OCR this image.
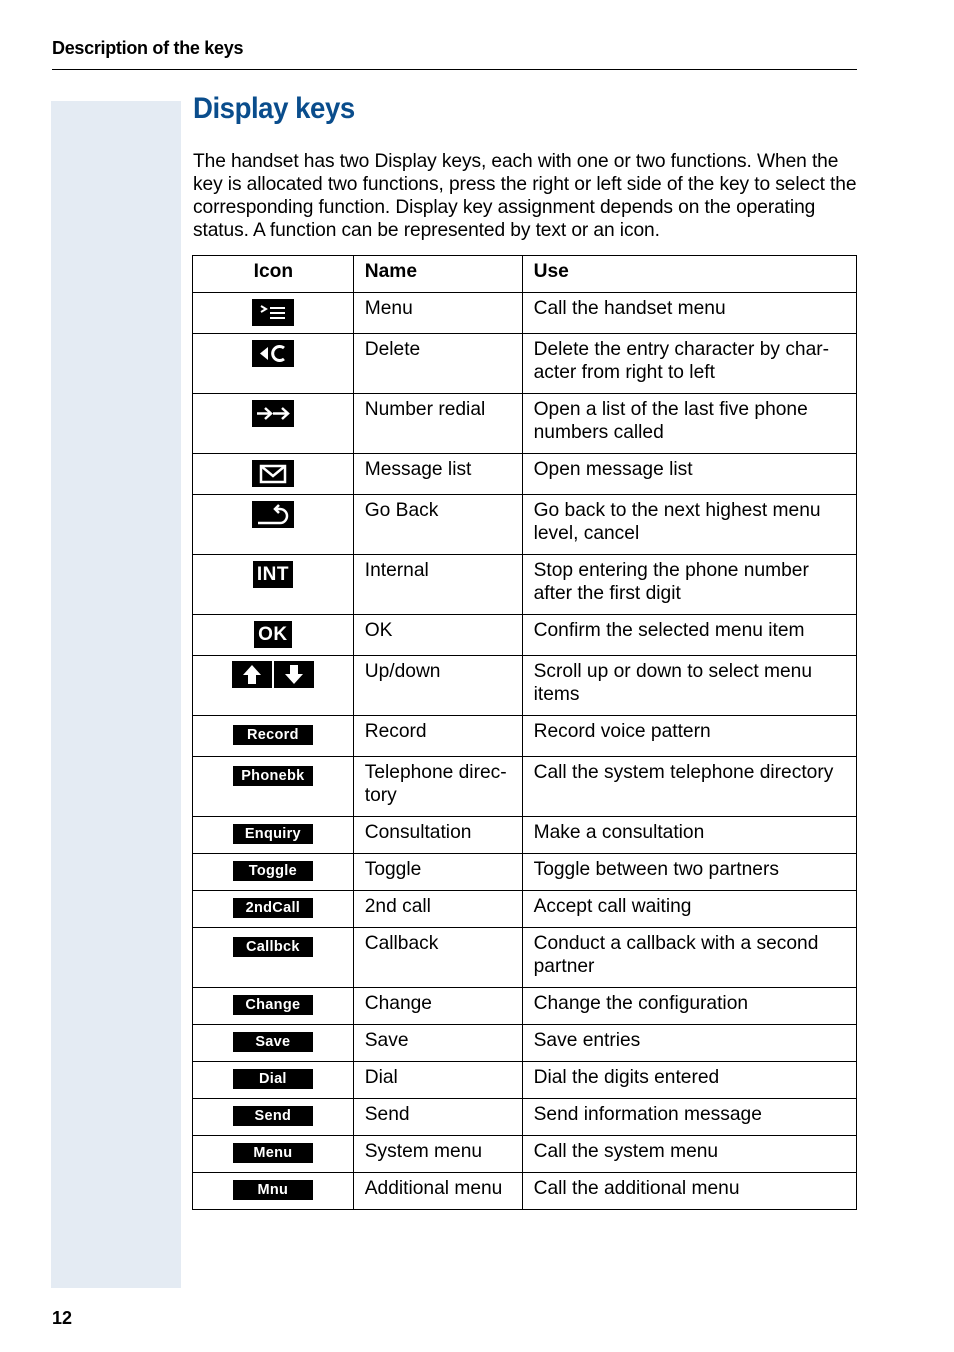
Description of the keys
Display keys

The handset has two Display keys, each with one or two functions. When the key is allocated two functions, press the right or left side of the key to select the corresponding function. Display key assignment depends on the operating status. A function can be represented by text or an icon.

Icon	Name	Use

	Menu	Call the handset menu

	Delete	Delete the entry character by char-acter from right to left

	Number redial	Open a list of the last five phone numbers called

	Message list	Open message list

	Go Back	Go back to the next highest menu level, cancel
INT	Internal	Stop entering the phone number after the first digit
OK	OK	Confirm the selected menu item
	Up/down	Scroll up or down to select menu items
Record	Record	Record voice pattern
Phonebk	Telephone direc-tory	Call the system telephone directory
Enquiry	Consultation	Make a consultation
Toggle	Toggle	Toggle between two partners
2ndCall	2nd call	Accept call waiting
Callbck	Callback	Conduct a callback with a second partner
Change	Change	Change the configuration
Save	Save	Save entries
Dial	Dial	Dial the digits entered
Send	Send	Send information message
Menu	System menu	Call the system menu
Mnu	Additional menu	Call the additional menu
12
